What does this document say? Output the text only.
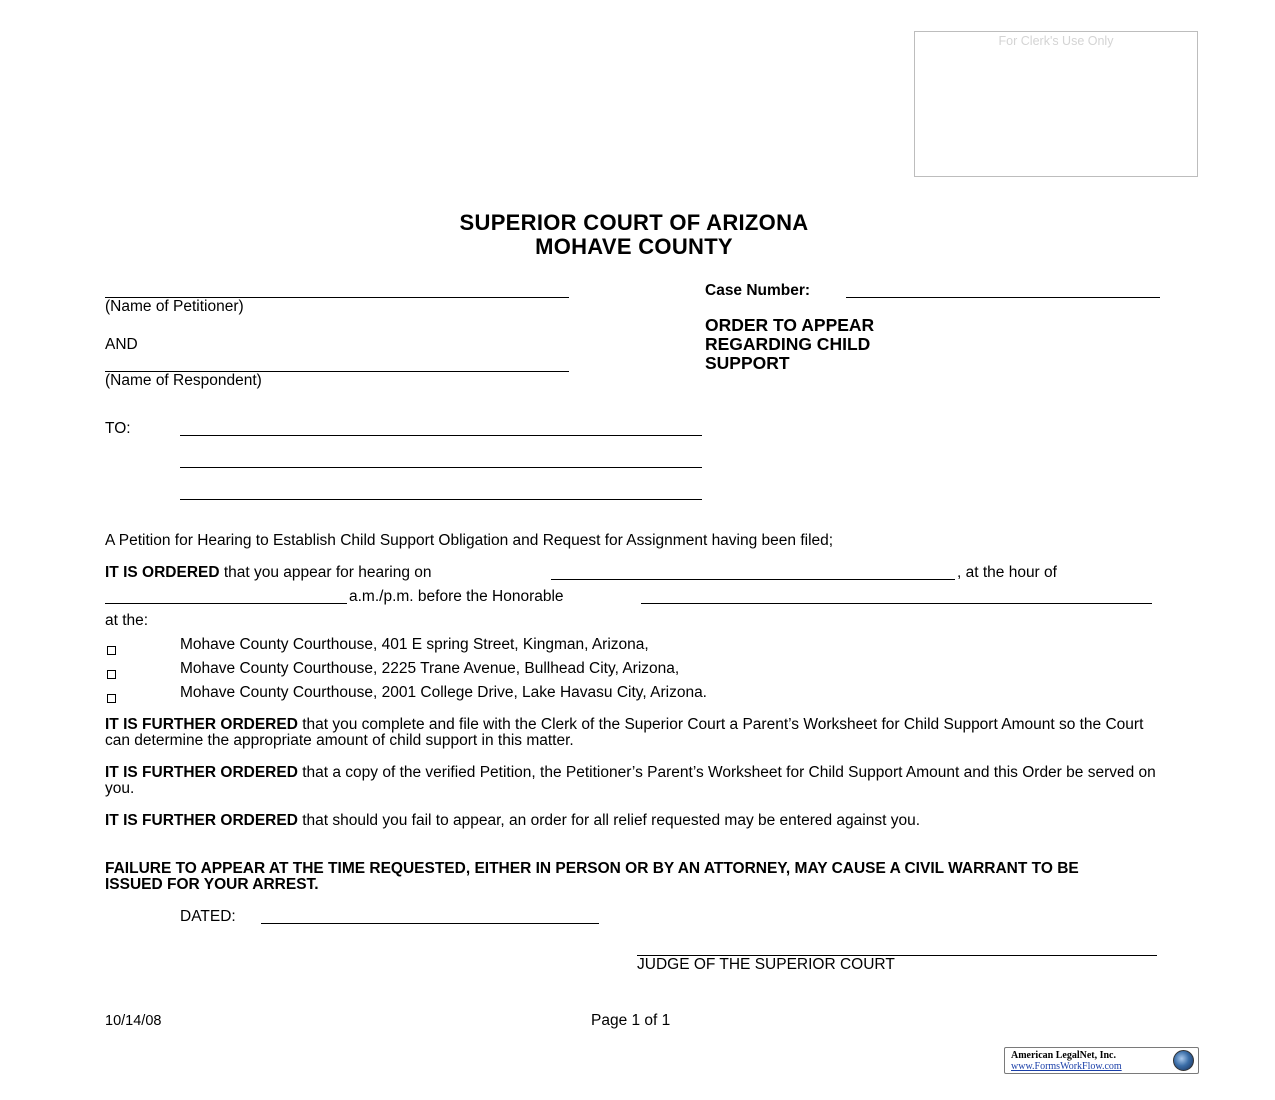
For Clerk's Use Only
SUPERIOR COURT OF ARIZONA
MOHAVE COUNTY
(Name of Petitioner)
AND
(Name of Respondent)
Case Number:
ORDER TO APPEAR
REGARDING CHILD
SUPPORT
TO:
A Petition for Hearing to Establish Child Support Obligation and Request for Assignment having been filed;
IT IS ORDERED that you appear for hearing on	, at the hour of
a.m./p.m. before the Honorable
at the:
Mohave County Courthouse, 401 E spring Street, Kingman, Arizona,
Mohave County Courthouse, 2225 Trane Avenue, Bullhead City, Arizona,
Mohave County Courthouse, 2001 College Drive, Lake Havasu City, Arizona.
IT IS FURTHER ORDERED that you complete and file with the Clerk of the Superior Court a Parent’s Worksheet for Child Support Amount so the Court can determine the appropriate amount of child support in this matter.
IT IS FURTHER ORDERED that a copy of the verified Petition, the Petitioner’s Parent’s Worksheet for Child Support Amount and this Order be served on you.
IT IS FURTHER ORDERED that should you fail to appear, an order for all relief requested may be entered against you.
FAILURE TO APPEAR AT THE TIME REQUESTED, EITHER IN PERSON OR BY AN ATTORNEY, MAY CAUSE A CIVIL WARRANT TO BE ISSUED FOR YOUR ARREST.
DATED:
JUDGE OF THE SUPERIOR COURT
10/14/08	Page 1 of 1
American LegalNet, Inc.
www.FormsWorkFlow.com
